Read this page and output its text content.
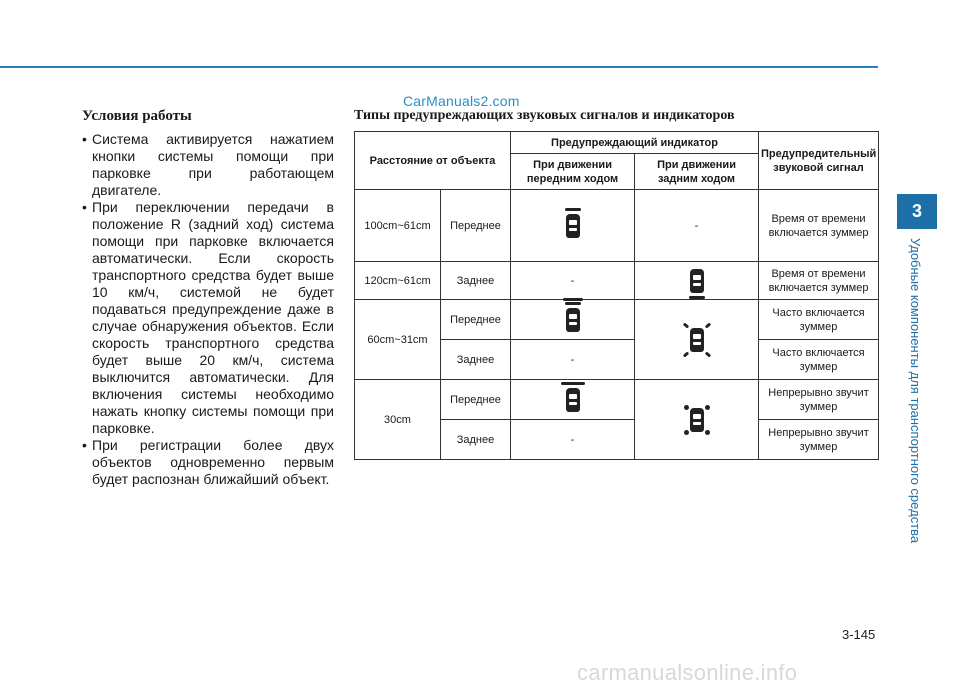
CarManuals2.com
Условия работы
• Система активируется нажатием кнопки системы помощи при парковке при работающем двигателе.
• При переключении передачи в положение R (задний ход) система помощи при парковке включается автоматически. Если скорость транспортного средства будет выше 10 км/ч, системой не будет подаваться предупреждение даже в случае обнаружения объектов. Если скорость транспортного средства будет выше 20 км/ч, система выключится автоматически. Для включения системы необходимо нажать кнопку системы помощи при парковке.
• При регистрации более двух объектов одновременно первым будет распознан ближайший объект.
Типы предупреждающих звуковых сигналов и индикаторов
Расстояние от объекта		Предупреждающий индикатор		Предупредительный звуковой сигнал
		При движении передним ходом	При движении задним ходом	
100cm~61cm	Переднее		-	Время от времени включается зуммер
120cm~61cm	Заднее	-		Время от времени включается зуммер
60cm~31cm	Переднее			Часто включается зуммер
	Заднее	-		Часто включается зуммер
30cm	Переднее			Непрерывно звучит зуммер
	Заднее	-		Непрерывно звучит зуммер
3
Удобные компоненты для транспортного средства
3-145
carmanualsonline.info
